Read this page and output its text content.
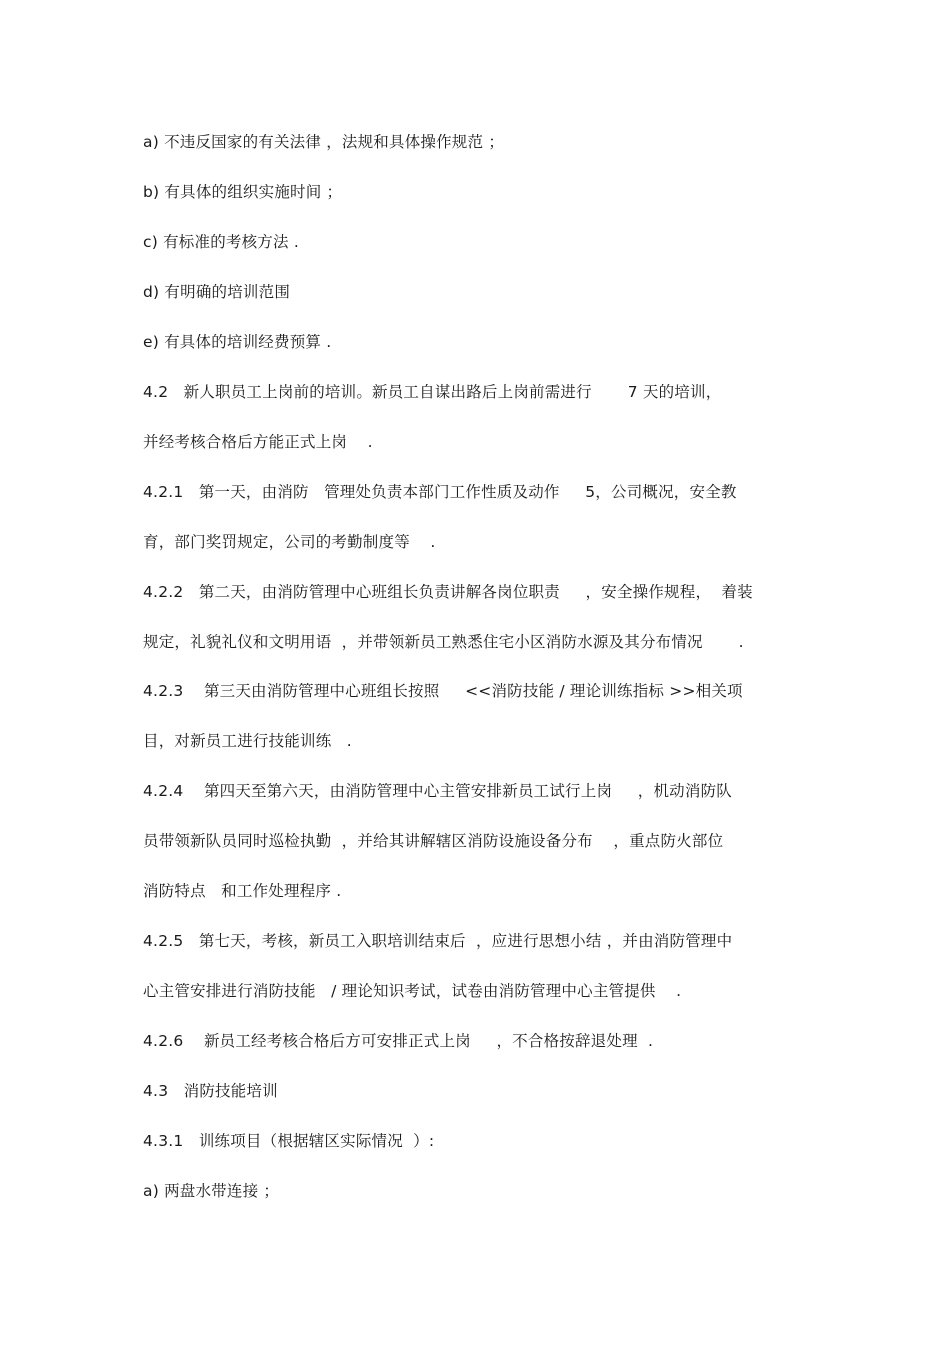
a) 不违反国家的有关法律 ，法规和具体操作规范 ；
b) 有具体的组织实施时间 ；
c) 有标准的考核方法 .
d) 有明确的培训范围
e) 有具体的培训经费预算 .
4.2   新人职员工上岗前的培训。新员工自谋出路后上岗前需进行       7 天的培训，
并经考核合格后方能正式上岗    .
4.2.1   第一天，由消防   管理处负责本部门工作性质及动作     5，公司概况，安全教
育，部门奖罚规定，公司的考勤制度等    .
4.2.2   第二天，由消防管理中心班组长负责讲解各岗位职责     ，安全操作规程，  着装
规定，礼貌礼仪和文明用语  ，并带领新员工熟悉住宅小区消防水源及其分布情况       .
4.2.3    第三天由消防管理中心班组长按照     <<消防技能 / 理论训练指标 >>相关项
目，对新员工进行技能训练   .
4.2.4    第四天至第六天，由消防管理中心主管安排新员工试行上岗     ，机动消防队
员带领新队员同时巡检执勤  ，并给其讲解辖区消防设施设备分布    ，重点防火部位
消防特点   和工作处理程序 .
4.2.5   第七天，考核，新员工入职培训结束后  ，应进行思想小结 ，并由消防管理中
心主管安排进行消防技能   / 理论知识考试，试卷由消防管理中心主管提供    .
4.2.6    新员工经考核合格后方可安排正式上岗     ，不合格按辞退处理  .
4.3   消防技能培训
4.3.1   训练项目（根据辖区实际情况  ）:
a) 两盘水带连接 ；
